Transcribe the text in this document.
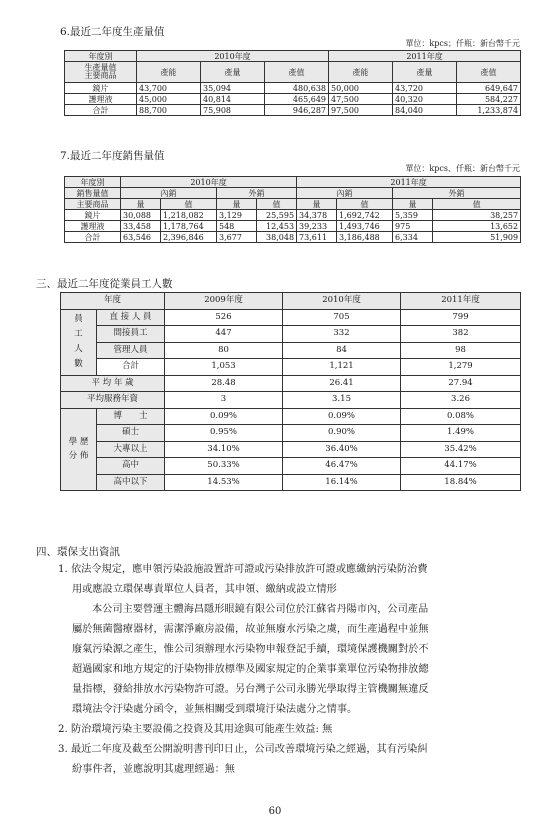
6.最近二年度生產量值
單位：kpcs；仟瓶：新台幣千元
年度別	2010年度			2011年度		

生產量值
主要商品	產能	產量	產值	產能	產量	產值
鏡片	43,700	35,094	480,638	50,000	43,720	649,647
護理液	45,000	40,814	465,649	47,500	40,320	584,227
合計	88,700	75,908	946,287	97,500	84,040	1,233,874
7.最近二年度銷售量值
單位：kpcs、仟瓶：新台幣千元
年度別	2010年度				2011年度			
銷售量值	內銷		外銷		內銷		外銷	
主要商品	量	值	量	值	量	值	量	值
鏡片	30,088	1,218,082	3,129	25,595	34,378	1,692,742	5,359	38,257
護理液	33,458	1,178,764	548	12,453	39,233	1,493,746	975	13,652
合計	63,546	2,396,846	3,677	38,048	73,611	3,186,488	6,334	51,909
三、最近二年度從業員工人數
年度		2009年度	2010年度	2011年度

員
工
人
數	直 接 人 員	526	705	799
	間接員工	447	332	382
	管理人員	80	84	98
	合計	1,053	1,121	1,279
平 均 年 歲		28.48	26.41	27.94
平均服務年資		3	3.15	3.26

學 歷
分 佈	博　　士	0.09%	0.09%	0.08%
	碩士	0.95%	0.90%	1.49%
	大專以上	34.10%	36.40%	35.42%
	高中	50.33%	46.47%	44.17%
	高中以下	14.53%	16.14%	18.84%
四、環保支出資訊

1. 依法令規定，應申領污染設施設置許可證或污染排放許可證或應繳納污染防治費

用或應設立環保專責單位人員者，其申領、繳納或設立情形

本公司主要營運主體海昌隱形眼鏡有限公司位於江蘇省丹陽市內，公司產品

屬於無菌醫療器材，需潔淨廠房設備，故並無廢水污染之虞，而生產過程中並無

廢氣污染源之產生，惟公司須辦理水污染物申報登記手續，環境保護機關對於不

超過國家和地方規定的汙染物排放標準及國家規定的企業事業單位污染物排放總

量指標，發給排放水污染物許可證。另台灣子公司永勝光學取得主管機關無違反

環境法令汙染處分函令，並無相關受到環境汙染法處分之情事。

2. 防治環境污染主要設備之投資及其用途與可能產生效益: 無

3. 最近二年度及截至公開說明書刊印日止，公司改善環境污染之經過，其有污染糾

紛事件者，並應說明其處理經過：無

60
